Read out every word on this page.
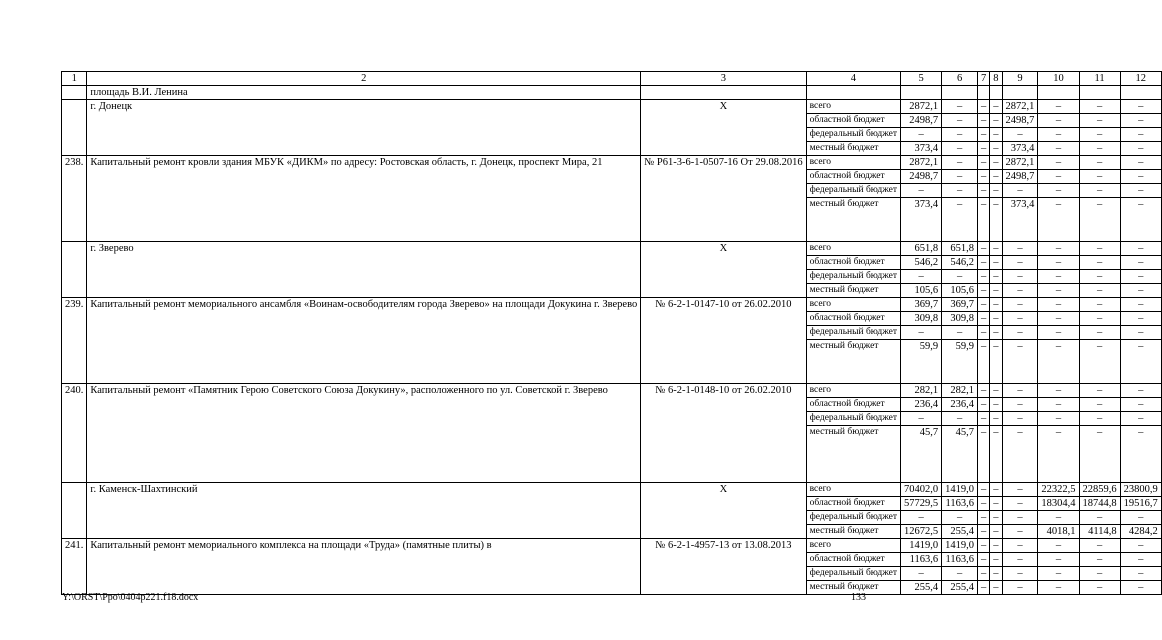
1	2	3	4	5	6	7	8	9	10	11	12
	площадь В.И. Ленина										
	г. Донецк	Х	всего	2872,1	–	–	–	2872,1	–	–	–
			областной бюджет	2498,7	–	–	–	2498,7	–	–	–
			федеральный бюджет	–	–	–	–	–	–	–	–
			местный бюджет	373,4	–	–	–	373,4	–	–	–
238.	Капитальный ремонт кровли здания МБУК «ДИКМ» по адресу: Ростовская область, г. Донецк, проспект Мира, 21	№ Р61-3-6-1-0507-16 От 29.08.2016	всего	2872,1	–	–	–	2872,1	–	–	–
			областной бюджет	2498,7	–	–	–	2498,7	–	–	–
			федеральный бюджет	–	–	–	–	–	–	–	–
			местный бюджет	373,4	–	–	–	373,4	–	–	–
	г. Зверево	Х	всего	651,8	651,8	–	–	–	–	–	–
			областной бюджет	546,2	546,2	–	–	–	–	–	–
			федеральный бюджет	–	–	–	–	–	–	–	–
			местный бюджет	105,6	105,6	–	–	–	–	–	–
239.	Капитальный ремонт мемориального ансамбля «Воинам-освободителям города Зверево» на площади Докукина г. Зверево	№ 6-2-1-0147-10 от 26.02.2010	всего	369,7	369,7	–	–	–	–	–	–
			областной бюджет	309,8	309,8	–	–	–	–	–	–
			федеральный бюджет	–	–	–	–	–	–	–	–
			местный бюджет	59,9	59,9	–	–	–	–	–	–
240.	Капитальный ремонт «Памятник Герою Советского Союза Докукину», расположенного по ул. Советской г. Зверево	№ 6-2-1-0148-10 от 26.02.2010	всего	282,1	282,1	–	–	–	–	–	–
			областной бюджет	236,4	236,4	–	–	–	–	–	–
			федеральный бюджет	–	–	–	–	–	–	–	–
			местный бюджет	45,7	45,7	–	–	–	–	–	–
	г. Каменск-Шахтинский	Х	всего	70402,0	1419,0	–	–	–	22322,5	22859,6	23800,9
			областной бюджет	57729,5	1163,6	–	–	–	18304,4	18744,8	19516,7
			федеральный бюджет	–	–	–	–	–	–	–	–
			местный бюджет	12672,5	255,4	–	–	–	4018,1	4114,8	4284,2
241.	Капитальный ремонт мемориального комплекса на площади «Труда» (памятные плиты) в	№ 6-2-1-4957-13 от 13.08.2013	всего	1419,0	1419,0	–	–	–	–	–	–
			областной бюджет	1163,6	1163,6	–	–	–	–	–	–
			федеральный бюджет	–	–	–	–	–	–	–	–
			местный бюджет	255,4	255,4	–	–	–	–	–	–
Y:\ORST\Ppo\0404p221.f18.docx	133
